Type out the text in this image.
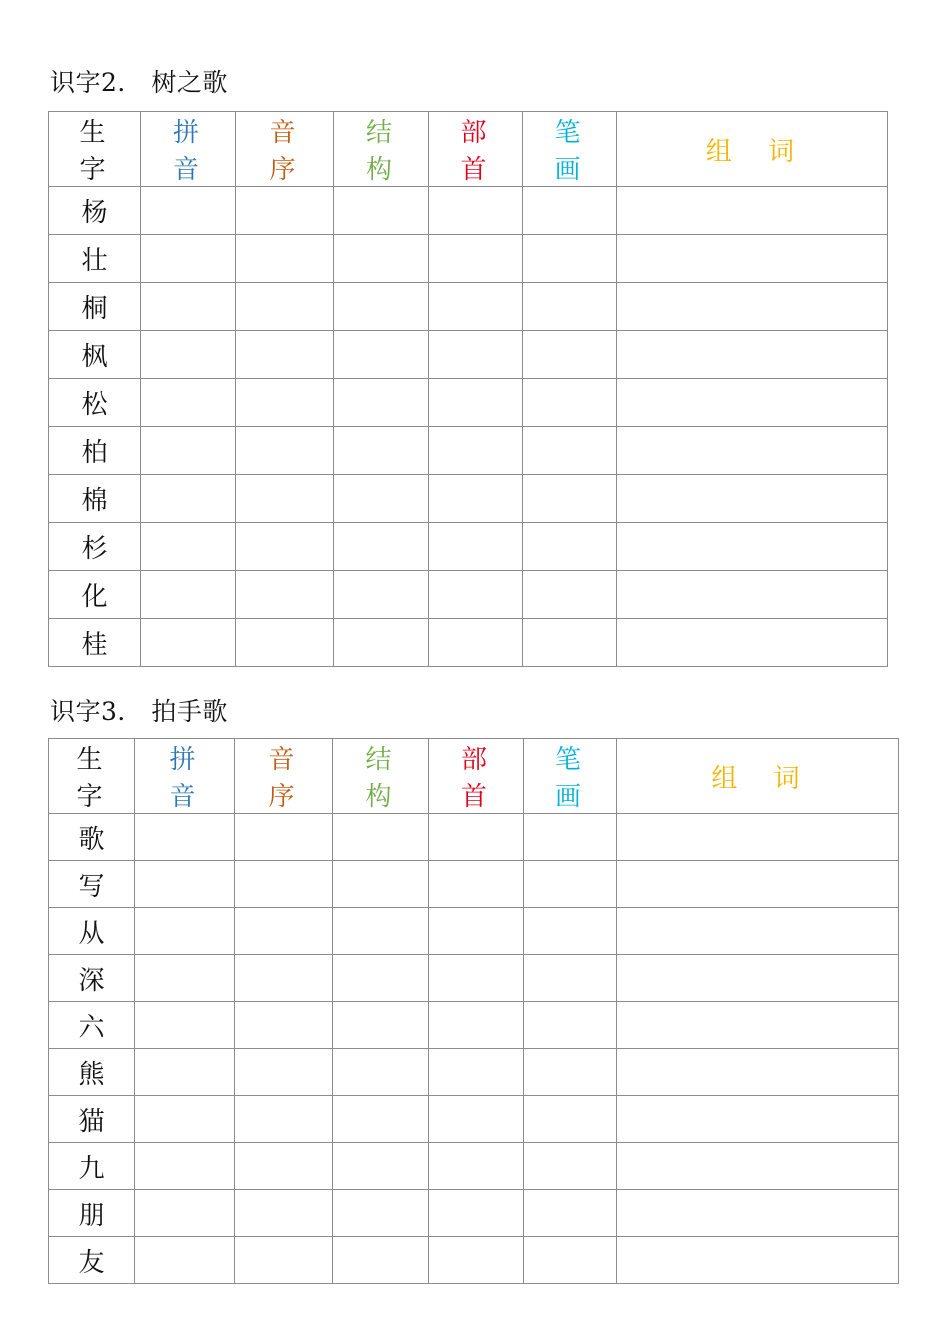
识字2． 树之歌
生 字	拼 音	音 序	结 构	部 首	笔 画	组 词
杨						
壮						
桐						
枫						
松						
柏						
棉						
杉						
化						
桂						
识字3． 拍手歌
生 字	拼 音	音 序	结 构	部 首	笔 画	组 词
歌						
写						
从						
深						
六						
熊						
猫						
九						
朋						
友						
